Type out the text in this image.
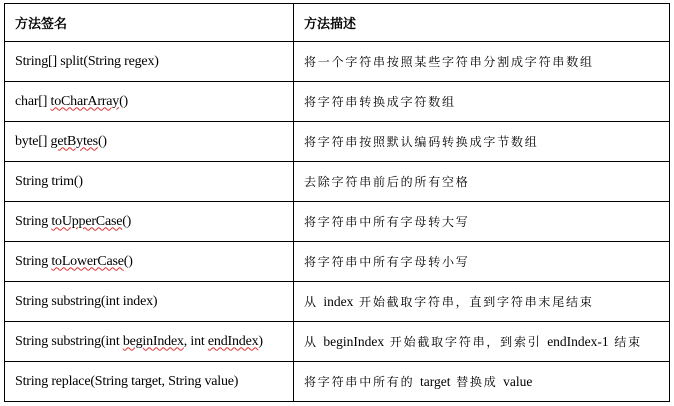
方法签名	方法描述
String[] split(String regex)	将一个字符串按照某些字符串分割成字符串数组
char[] toCharArray()	将字符串转换成字符数组
byte[] getBytes()	将字符串按照默认编码转换成字节数组
String trim()	去除字符串前后的所有空格
String toUpperCase()	将字符串中所有字母转大写
String toLowerCase()	将字符串中所有字母转小写
String substring(int index)	从 index 开始截取字符串，直到字符串末尾结束
String substring(int beginIndex, int endIndex)	从 beginIndex 开始截取字符串，到索引 endIndex-1 结束
String replace(String target, String value)	将字符串中所有的 target 替换成 value
